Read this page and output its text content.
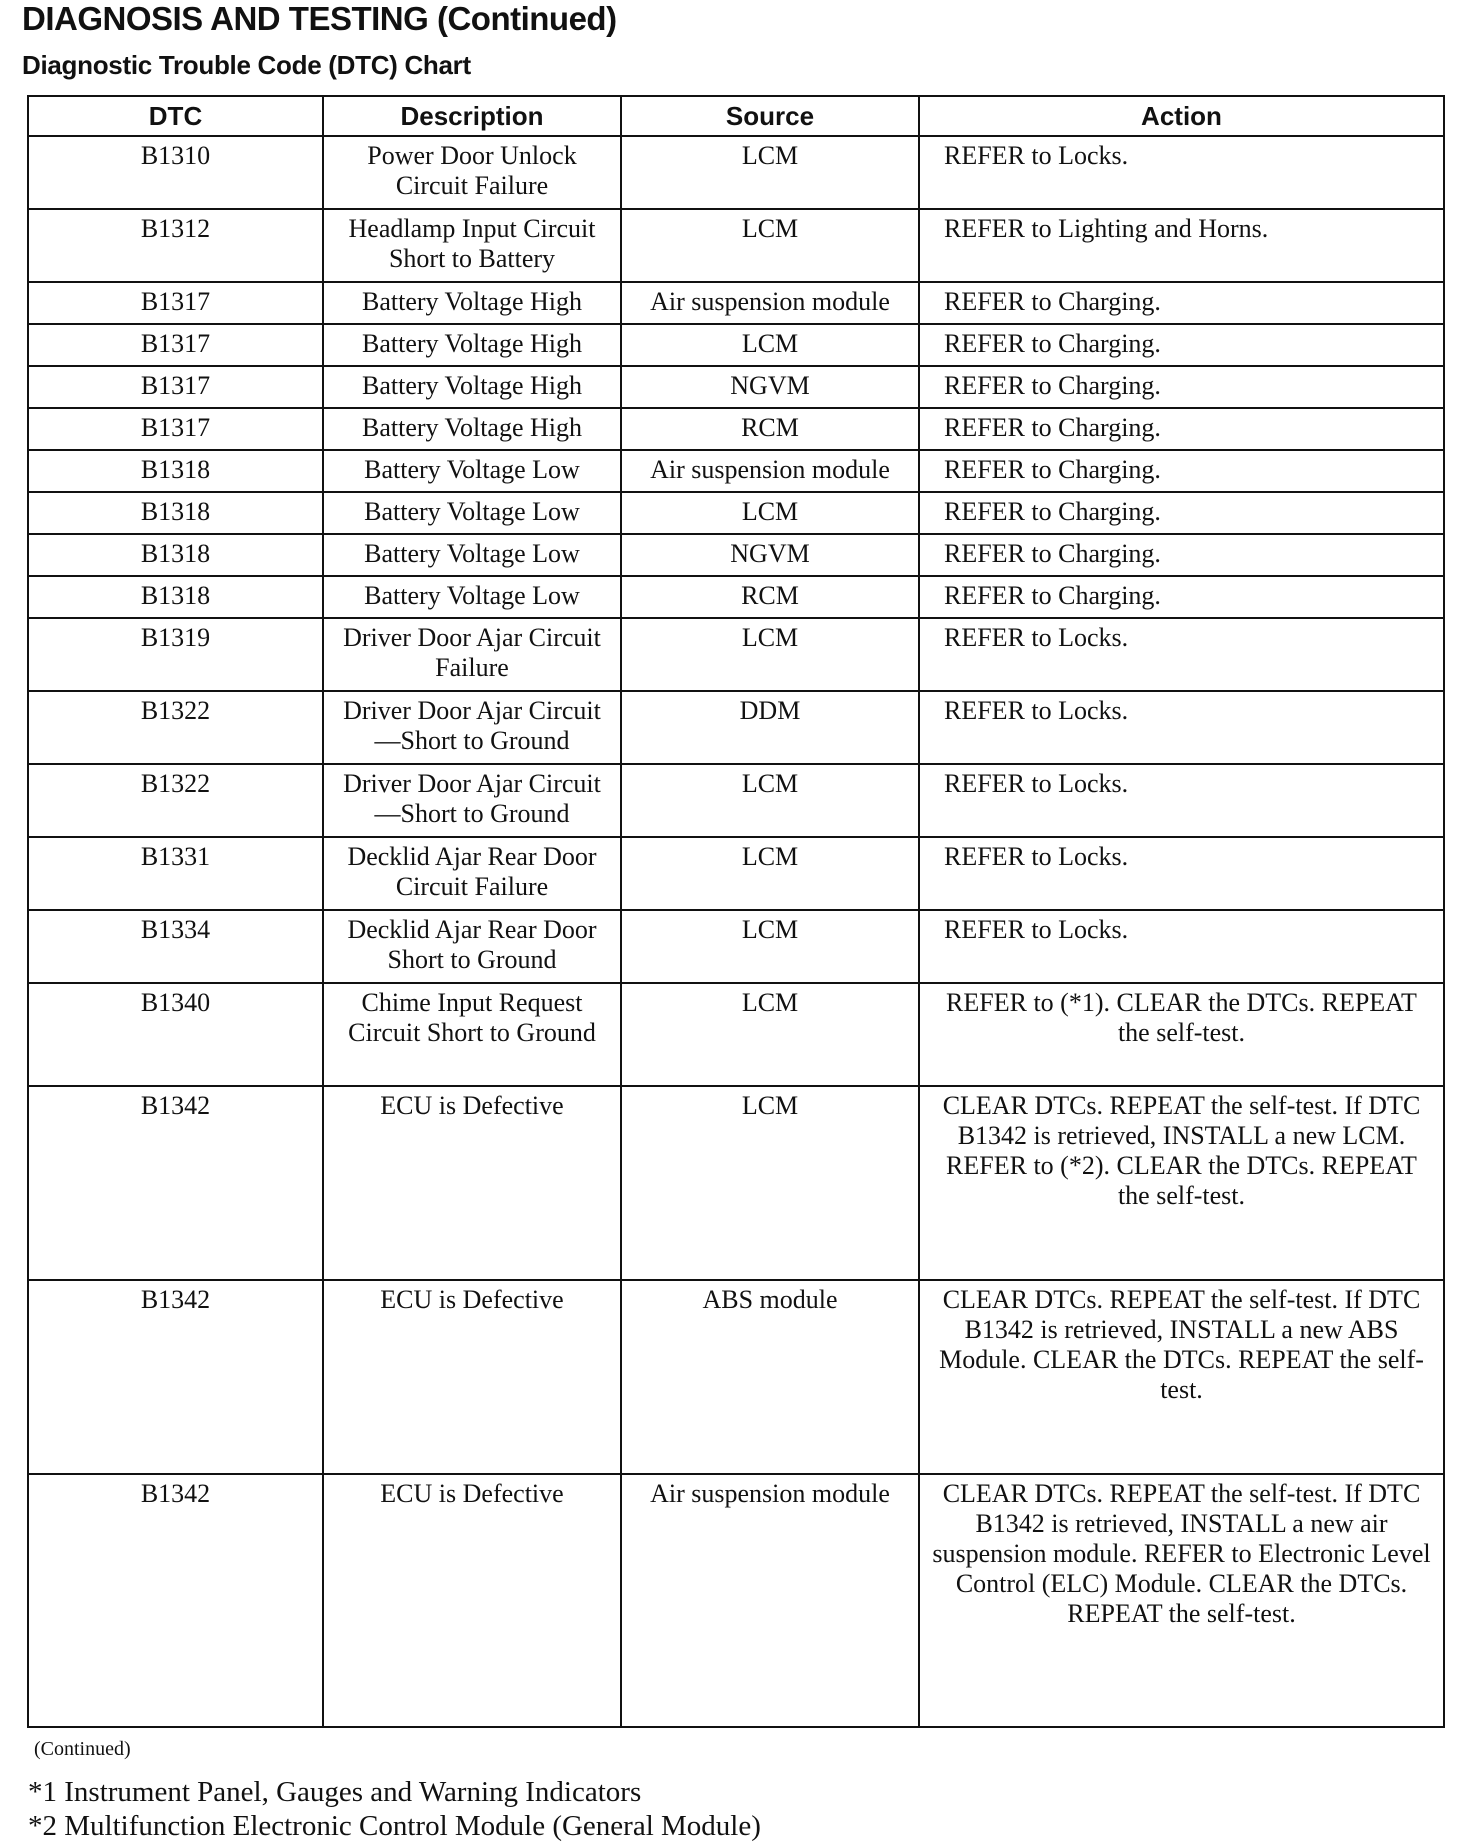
DIAGNOSIS AND TESTING (Continued)
Diagnostic Trouble Code (DTC) Chart
DTC	Description	Source	Action
B1310	Power Door Unlock Circuit Failure	LCM	REFER to Locks.
B1312	Headlamp Input Circuit Short to Battery	LCM	REFER to Lighting and Horns.
B1317	Battery Voltage High	Air suspension module	REFER to Charging.
B1317	Battery Voltage High	LCM	REFER to Charging.
B1317	Battery Voltage High	NGVM	REFER to Charging.
B1317	Battery Voltage High	RCM	REFER to Charging.
B1318	Battery Voltage Low	Air suspension module	REFER to Charging.
B1318	Battery Voltage Low	LCM	REFER to Charging.
B1318	Battery Voltage Low	NGVM	REFER to Charging.
B1318	Battery Voltage Low	RCM	REFER to Charging.
B1319	Driver Door Ajar Circuit Failure	LCM	REFER to Locks.
B1322	Driver Door Ajar Circuit—Short to Ground	DDM	REFER to Locks.
B1322	Driver Door Ajar Circuit—Short to Ground	LCM	REFER to Locks.
B1331	Decklid Ajar Rear Door Circuit Failure	LCM	REFER to Locks.
B1334	Decklid Ajar Rear Door Short to Ground	LCM	REFER to Locks.
B1340	Chime Input Request Circuit Short to Ground	LCM	REFER to (*1). CLEAR the DTCs. REPEAT the self-test.
B1342	ECU is Defective	LCM	CLEAR DTCs. REPEAT the self-test. If DTC B1342 is retrieved, INSTALL a new LCM. REFER to (*2). CLEAR the DTCs. REPEAT the self-test.
B1342	ECU is Defective	ABS module	CLEAR DTCs. REPEAT the self-test. If DTC B1342 is retrieved, INSTALL a new ABS Module. CLEAR the DTCs. REPEAT the self-test.
B1342	ECU is Defective	Air suspension module	CLEAR DTCs. REPEAT the self-test. If DTC B1342 is retrieved, INSTALL a new air suspension module. REFER to Electronic Level Control (ELC) Module. CLEAR the DTCs. REPEAT the self-test.
(Continued)
*1 Instrument Panel, Gauges and Warning Indicators
*2 Multifunction Electronic Control Module (General Module)
